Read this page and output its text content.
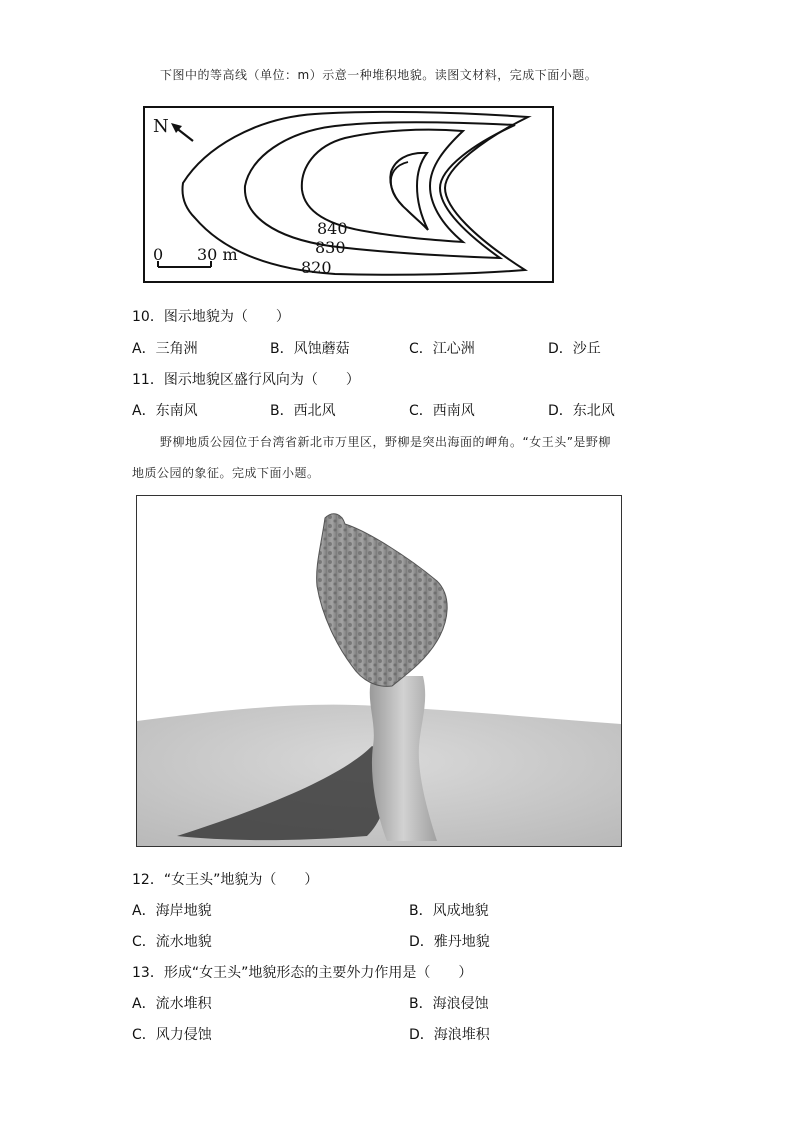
下图中的等高线（单位：m）示意一种堆积地貌。读图文材料，完成下面小题。
N
840
830
820
0 30 m
10．图示地貌为（　　）
A．三角洲	B．风蚀蘑菇	C．江心洲	D．沙丘
11．图示地貌区盛行风向为（　　）
A．东南风	B．西北风	C．西南风	D．东北风
野柳地质公园位于台湾省新北市万里区，野柳是突出海面的岬角。“女王头”是野柳
地质公园的象征。完成下面小题。
12．“女王头”地貌为（　　）
A．海岸地貌	B．风成地貌
C．流水地貌	D．雅丹地貌
13．形成“女王头”地貌形态的主要外力作用是（　　）
A．流水堆积	B．海浪侵蚀
C．风力侵蚀	D．海浪堆积
